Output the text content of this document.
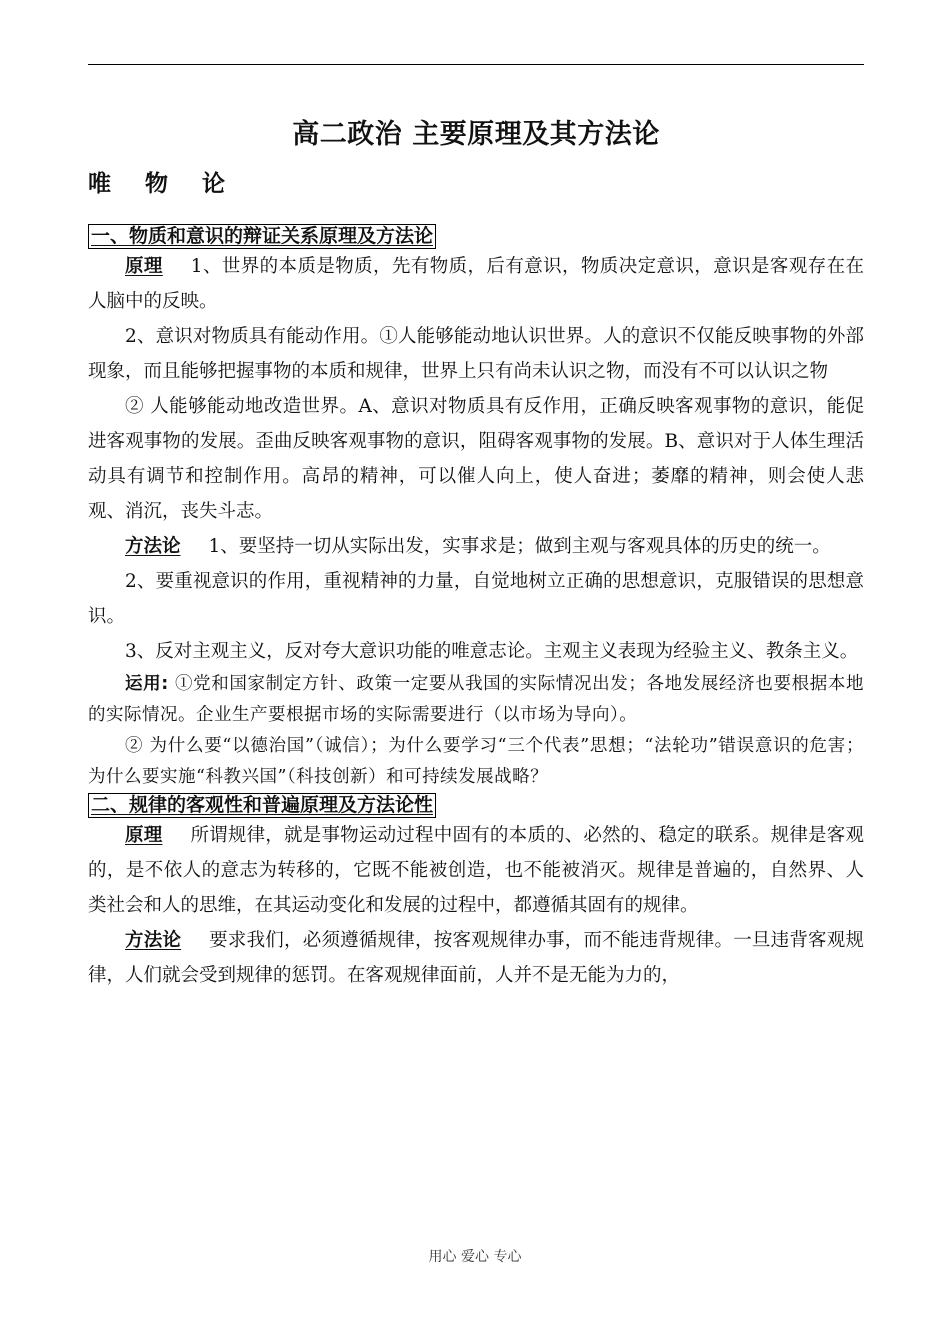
高二政治 主要原理及其方法论
唯物论
一、物质和意识的辩证关系原理及方法论

原理 1、世界的本质是物质，先有物质，后有意识，物质决定意识，意识是客观存在在人脑中的反映。

2、意识对物质具有能动作用。①人能够能动地认识世界。人的意识不仅能反映事物的外部现象，而且能够把握事物的本质和规律，世界上只有尚未认识之物，而没有不可以认识之物

② 人能够能动地改造世界。A、意识对物质具有反作用，正确反映客观事物的意识，能促进客观事物的发展。歪曲反映客观事物的意识，阻碍客观事物的发展。B、意识对于人体生理活动具有调节和控制作用。高昂的精神，可以催人向上，使人奋进；萎靡的精神，则会使人悲观、消沉，丧失斗志。

方法论 1、要坚持一切从实际出发，实事求是；做到主观与客观具体的历史的统一。

2、要重视意识的作用，重视精神的力量，自觉地树立正确的思想意识，克服错误的思想意识。

3、反对主观主义，反对夸大意识功能的唯意志论。主观主义表现为经验主义、教条主义。

运用: ①党和国家制定方针、政策一定要从我国的实际情况出发；各地发展经济也要根据本地的实际情况。企业生产要根据市场的实际需要进行（以市场为导向）。

② 为什么要“以德治国”（诚信）；为什么要学习“三个代表”思想；“法轮功”错误意识的危害；为什么要实施“科教兴国”（科技创新）和可持续发展战略？

二、规律的客观性和普遍原理及方法论性

原理 所谓规律，就是事物运动过程中固有的本质的、必然的、稳定的联系。规律是客观的，是不依人的意志为转移的，它既不能被创造，也不能被消灭。规律是普遍的，自然界、人类社会和人的思维，在其运动变化和发展的过程中，都遵循其固有的规律。

方法论 要求我们，必须遵循规律，按客观规律办事，而不能违背规律。一旦违背客观规律，人们就会受到规律的惩罚。在客观规律面前，人并不是无能为力的，

用心 爱心 专心
